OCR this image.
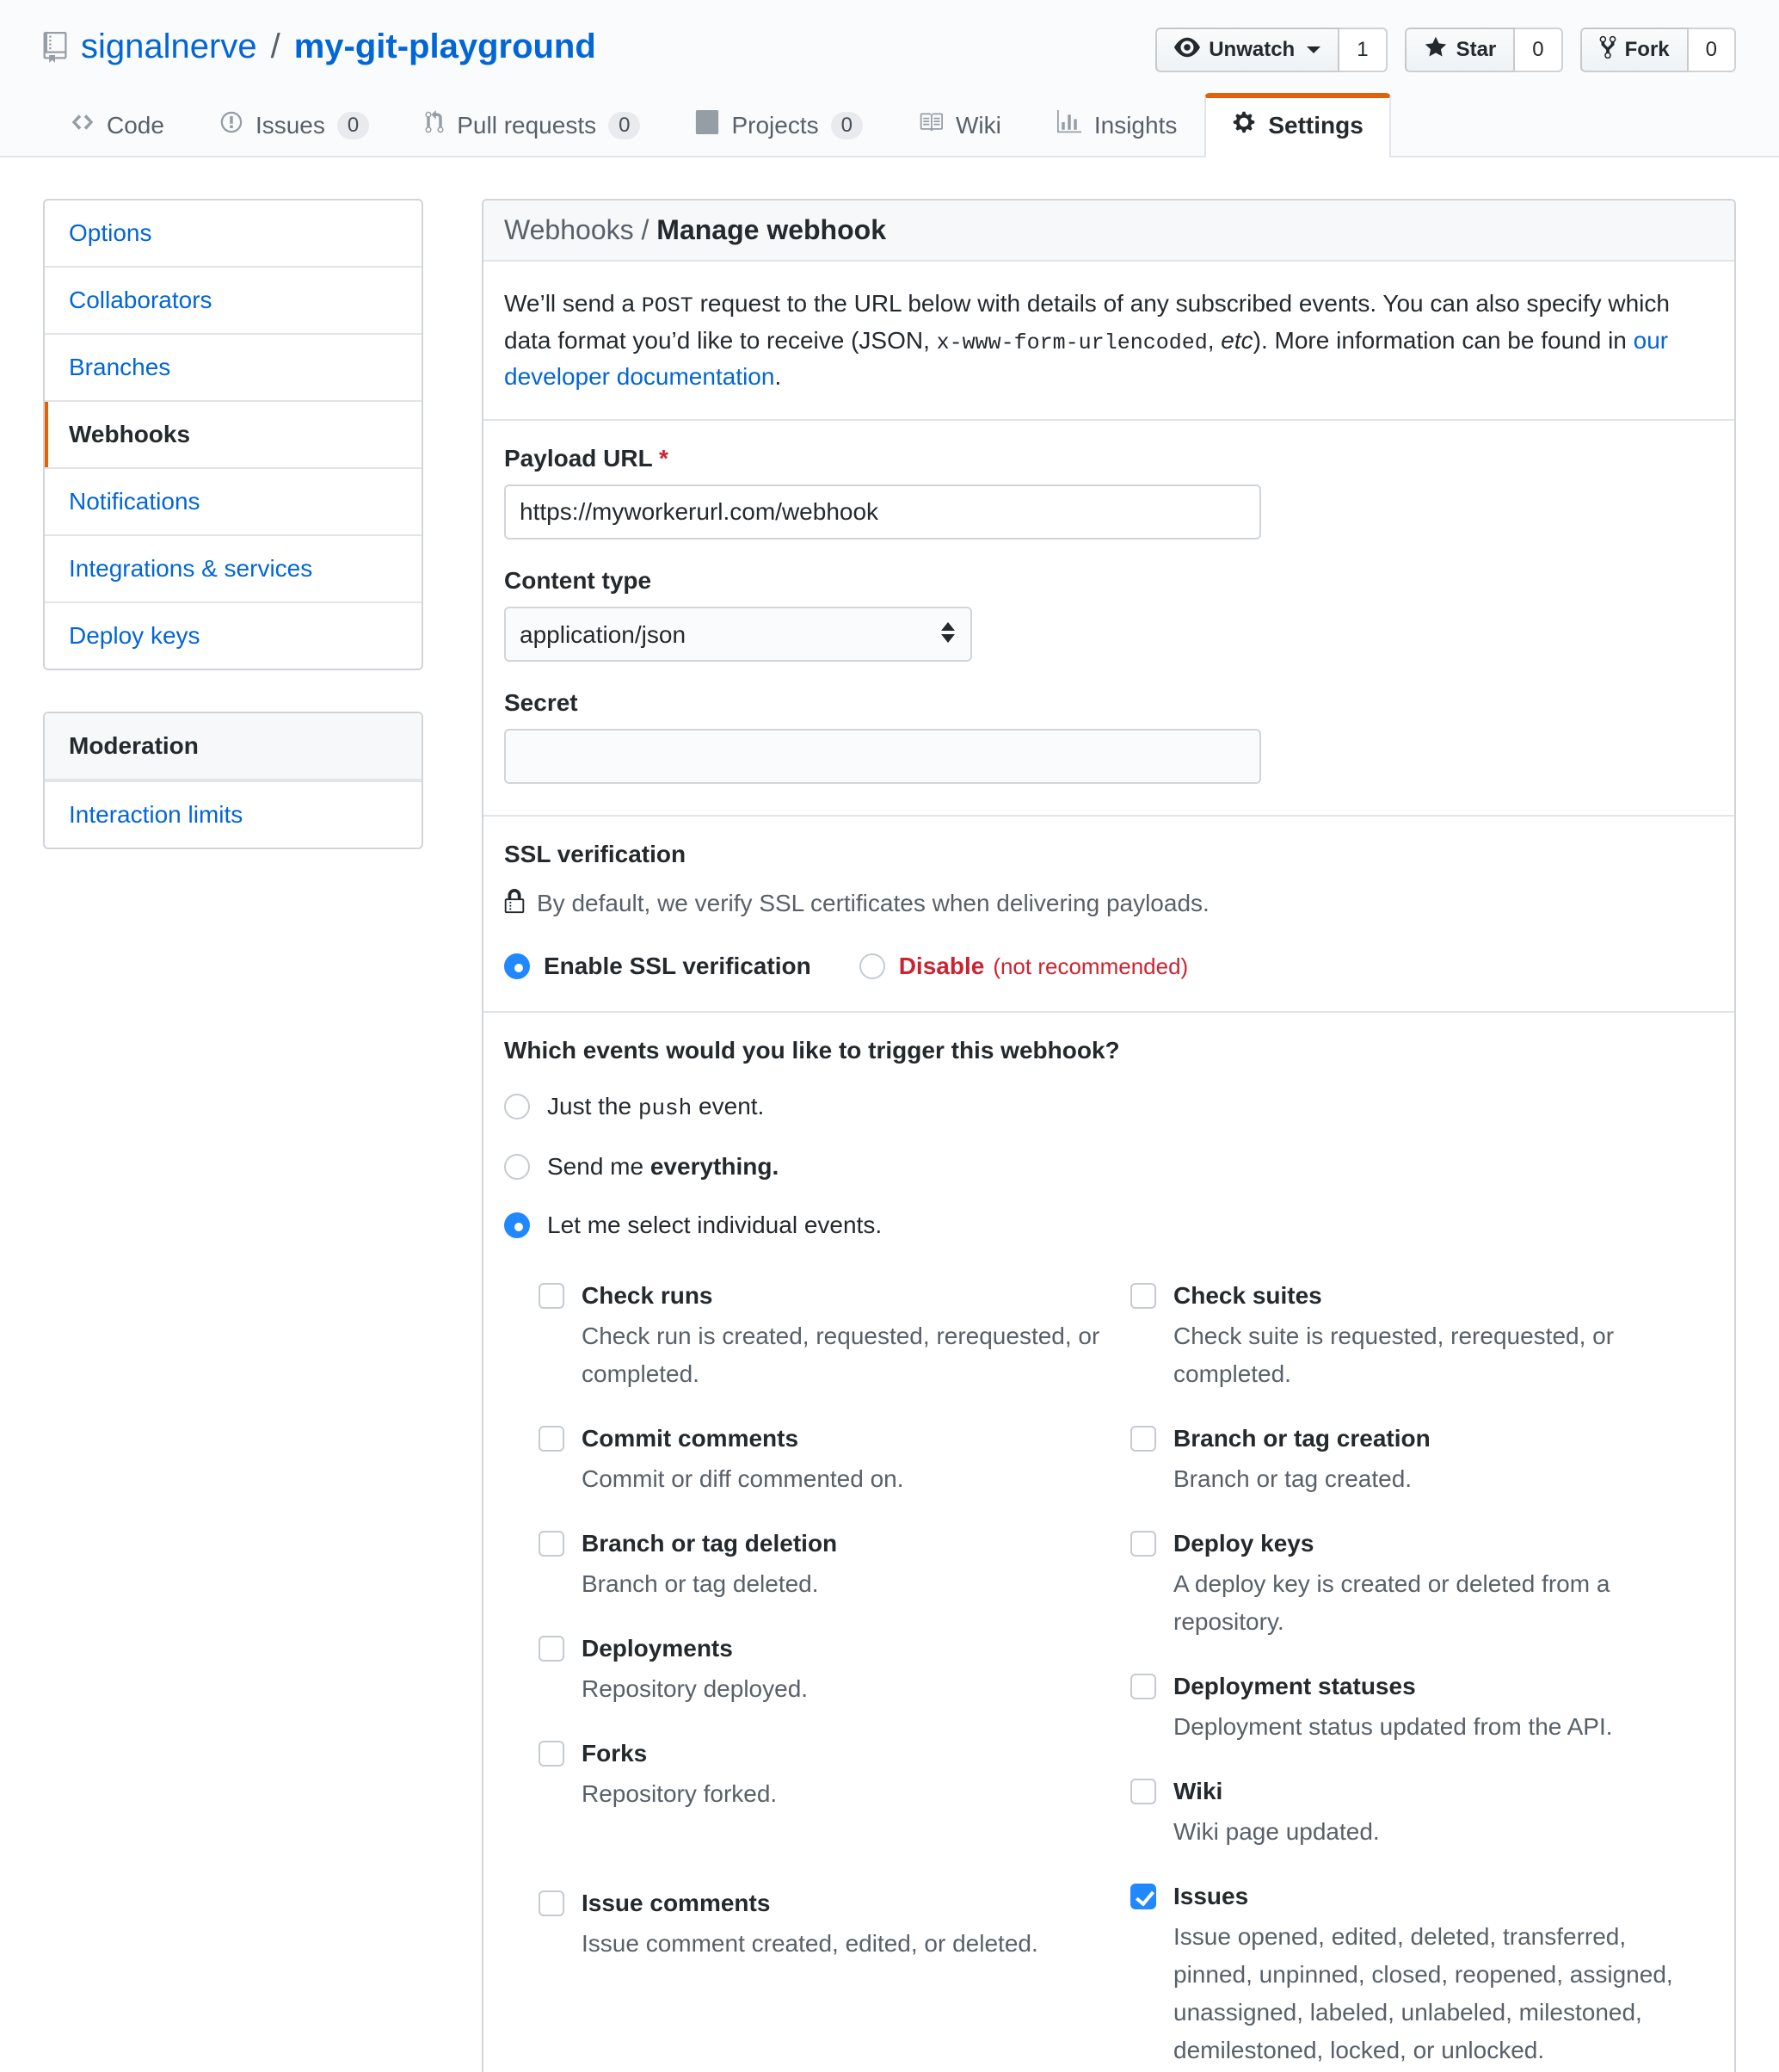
signalnerve / my-git-playground	Unwatch	1	Star	0	Fork	0
Code	Issues	0	Pull requests	0	Projects	0	Wiki	Insights	Settings
Options
Collaborators
Branches
Webhooks
Notifications
Integrations & services
Deploy keys
Moderation
Interaction limits
Webhooks / Manage webhook

We’ll send a POST request to the URL below with details of any subscribed events. You can also specify which data format you’d like to receive (JSON, x-www-form-urlencoded, etc). More information can be found in our developer documentation.

Payload URL *
https://myworkerurl.com/webhook
Content type
application/json
Secret
SSL verification
By default, we verify SSL certificates when delivering payloads.
Enable SSL verification	Disable (not recommended)
Which events would you like to trigger this webhook?
Just the push event.
Send me everything.
Let me select individual events.
Check runs
Check run is created, requested, rerequested, or completed.
Commit comments
Commit or diff commented on.
Branch or tag deletion
Branch or tag deleted.
Deployments
Repository deployed.
Forks
Repository forked.
Issue comments
Issue comment created, edited, or deleted.
Check suites
Check suite is requested, rerequested, or completed.
Branch or tag creation
Branch or tag created.
Deploy keys
A deploy key is created or deleted from a repository.
Deployment statuses
Deployment status updated from the API.
Wiki
Wiki page updated.
Issues
Issue opened, edited, deleted, transferred, pinned, unpinned, closed, reopened, assigned, unassigned, labeled, unlabeled, milestoned, demilestoned, locked, or unlocked.
